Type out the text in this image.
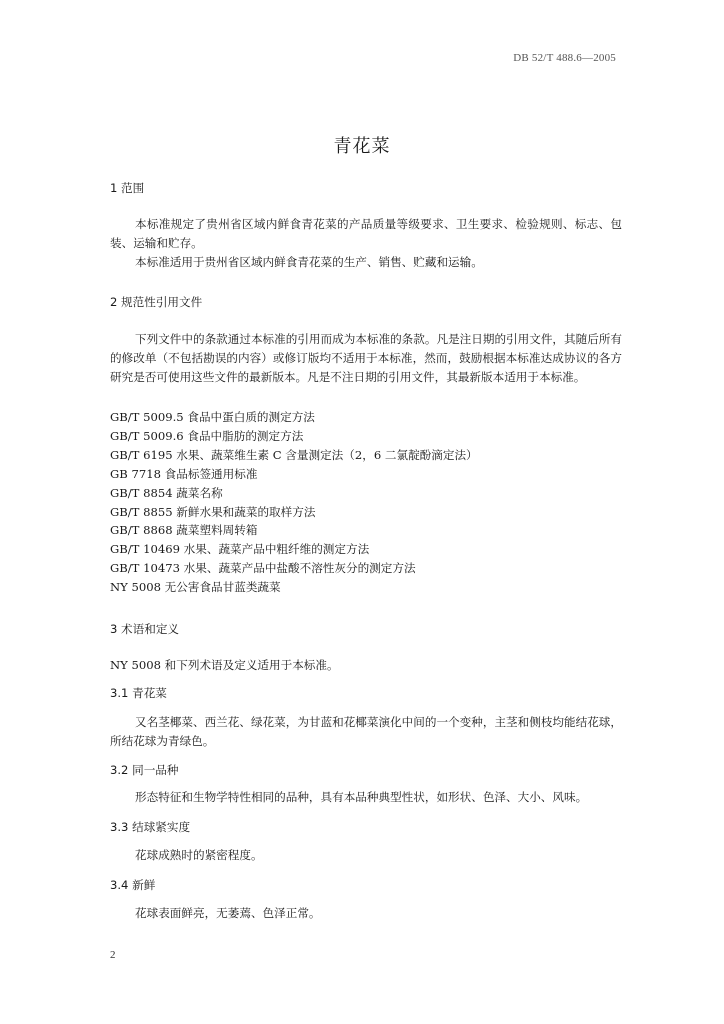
DB 52/T 488.6—2005
青花菜
1 范围

本标准规定了贵州省区域内鲜食青花菜的产品质量等级要求、卫生要求、检验规则、标志、包装、运输和贮存。

本标准适用于贵州省区域内鲜食青花菜的生产、销售、贮藏和运输。

2 规范性引用文件

下列文件中的条款通过本标准的引用而成为本标准的条款。凡是注日期的引用文件，其随后所有的修改单（不包括勘误的内容）或修订版均不适用于本标准，然而，鼓励根据本标准达成协议的各方研究是否可使用这些文件的最新版本。凡是不注日期的引用文件，其最新版本适用于本标准。

GB/T 5009.5 食品中蛋白质的测定方法
GB/T 5009.6 食品中脂肪的测定方法
GB/T 6195 水果、蔬菜维生素 C 含量测定法（2，6 二氯靛酚滴定法）
GB 7718 食品标签通用标准
GB/T 8854 蔬菜名称
GB/T 8855 新鲜水果和蔬菜的取样方法
GB/T 8868 蔬菜塑料周转箱
GB/T 10469 水果、蔬菜产品中粗纤维的测定方法
GB/T 10473 水果、蔬菜产品中盐酸不溶性灰分的测定方法
NY 5008 无公害食品甘蓝类蔬菜
3 术语和定义

NY 5008 和下列术语及定义适用于本标准。

3.1 青花菜

又名茎椰菜、西兰花、绿花菜，为甘蓝和花椰菜演化中间的一个变种，主茎和侧枝均能结花球，所结花球为青绿色。

3.2 同一品种

形态特征和生物学特性相同的品种，具有本品种典型性状，如形状、色泽、大小、风味。

3.3 结球紧实度

花球成熟时的紧密程度。

3.4 新鲜

花球表面鲜亮，无萎蔫、色泽正常。

2
